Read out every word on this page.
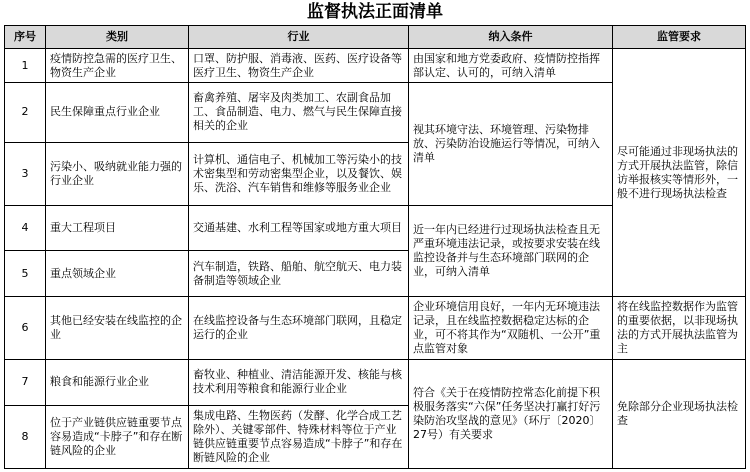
监督执法正面清单
序号	类别	行业	纳入条件	监管要求
1	疫情防控急需的医疗卫生、物资生产企业	口罩、防护服、消毒液、医药、医疗设备等医疗卫生、物资生产企业	由国家和地方党委政府、疫情防控指挥部认定、认可的，可纳入清单	尽可能通过非现场执法的方式开展执法监管，除信访举报核实等情形外，一般不进行现场执法检查
2	民生保障重点行业企业	畜禽养殖、屠宰及肉类加工、农副食品加工、食品制造、电力、燃气与民生保障直接相关的企业	视其环境守法、环境管理、污染物排放、污染防治设施运行等情况，可纳入清单	
3	污染小、吸纳就业能力强的行业企业	计算机、通信电子、机械加工等污染小的技术密集型和劳动密集型企业，以及餐饮、娱乐、洗浴、汽车销售和维修等服务业企业		
4	重大工程项目	交通基建、水利工程等国家或地方重大项目	近一年内已经进行过现场执法检查且无严重环境违法记录，或按要求安装在线监控设备并与生态环境部门联网的企业，可纳入清单	
5	重点领域企业	汽车制造，铁路、船舶、航空航天、电力装备制造等领域企业		
6	其他已经安装在线监控的企业	在线监控设备与生态环境部门联网，且稳定运行的企业	企业环境信用良好，一年内无环境违法记录，且在线监控数据稳定达标的企业，可不将其作为“双随机、一公开”重点监管对象	将在线监控数据作为监管的重要依据，以非现场执法的方式开展执法监管为主
7	粮食和能源行业企业	畜牧业、种植业、清洁能源开发、核能与核技术利用等粮食和能源行业企业	符合《关于在疫情防控常态化前提下积极服务落实“六保”任务坚决打赢打好污染防治攻坚战的意见》（环厅〔2020〕27号）有关要求	免除部分企业现场执法检查
8	位于产业链供应链重要节点容易造成“卡脖子”和存在断链风险的企业	集成电路、生物医药（发酵、化学合成工艺除外）、关键零部件、特殊材料等位于产业链供应链重要节点容易造成“卡脖子”和存在断链风险的企业		
